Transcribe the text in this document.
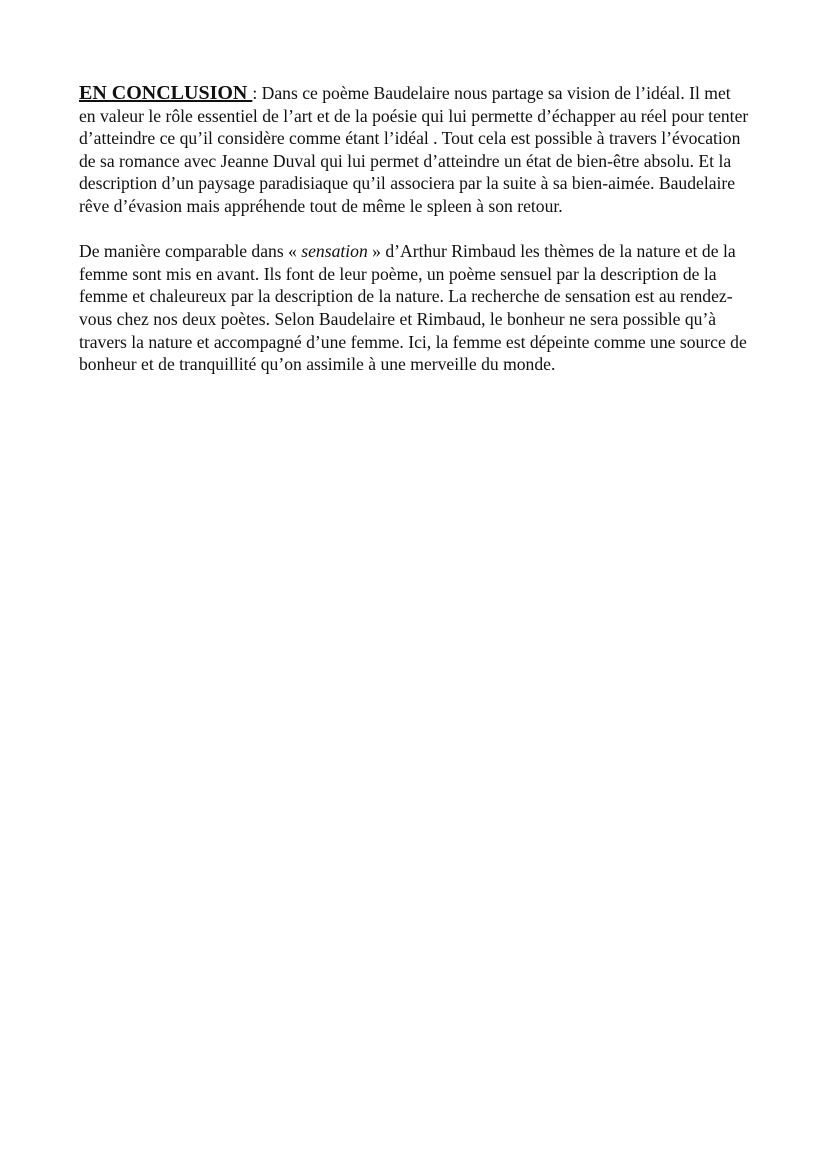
EN CONCLUSION : Dans ce poème Baudelaire nous partage sa vision de l’idéal. Il met en valeur le rôle essentiel de l’art et de la poésie qui lui permette d’échapper au réel pour tenter d’atteindre ce qu’il considère comme étant l’idéal . Tout cela est possible à travers l’évocation de sa romance avec Jeanne Duval qui lui permet d’atteindre un état de bien-être absolu. Et la description d’un paysage paradisiaque qu’il associera par la suite à sa bien-aimée. Baudelaire rêve d’évasion mais appréhende tout de même le spleen à son retour.

De manière comparable dans « sensation » d’Arthur Rimbaud les thèmes de la nature et de la femme sont mis en avant. Ils font de leur poème, un poème sensuel par la description de la femme et chaleureux par la description de la nature. La recherche de sensation est au rendez-vous chez nos deux poètes. Selon Baudelaire et Rimbaud, le bonheur ne sera possible qu’à travers la nature et accompagné d’une femme. Ici, la femme est dépeinte comme une source de bonheur et de tranquillité qu’on assimile à une merveille du monde.
